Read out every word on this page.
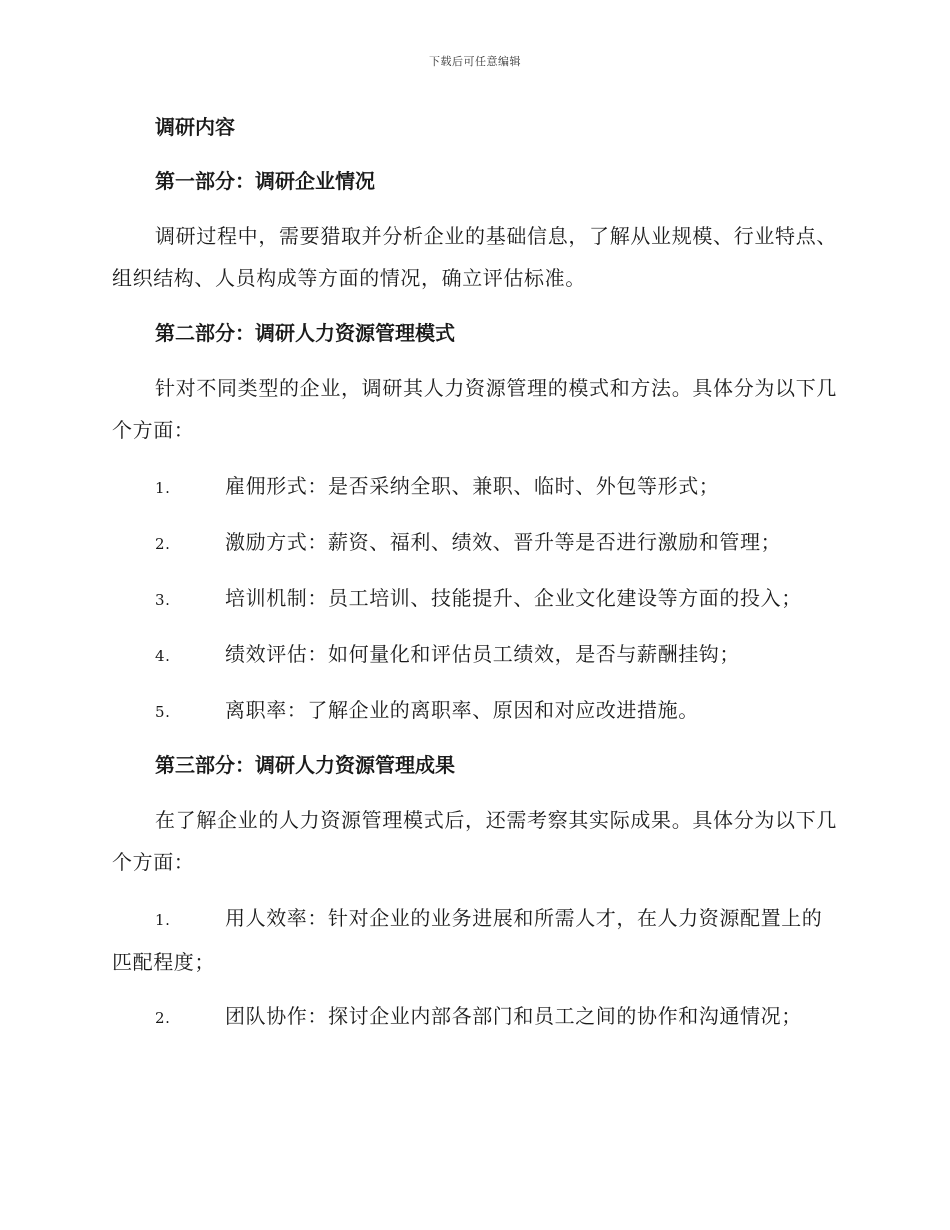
下载后可任意编辑
调研内容
第一部分：调研企业情况

调研过程中，需要猎取并分析企业的基础信息，了解从业规模、行业特点、组织结构、人员构成等方面的情况，确立评估标准。

第二部分：调研人力资源管理模式

针对不同类型的企业，调研其人力资源管理的模式和方法。具体分为以下几个方面：

1.	雇佣形式：是否采纳全职、兼职、临时、外包等形式；
2.	激励方式：薪资、福利、绩效、晋升等是否进行激励和管理；
3.	培训机制：员工培训、技能提升、企业文化建设等方面的投入；
4.	绩效评估：如何量化和评估员工绩效，是否与薪酬挂钩；
5.	离职率：了解企业的离职率、原因和对应改进措施。
第三部分：调研人力资源管理成果

在了解企业的人力资源管理模式后，还需考察其实际成果。具体分为以下几个方面：

1.	用人效率：针对企业的业务进展和所需人才，在人力资源配置上的匹配程度；
2.	团队协作：探讨企业内部各部门和员工之间的协作和沟通情况；
